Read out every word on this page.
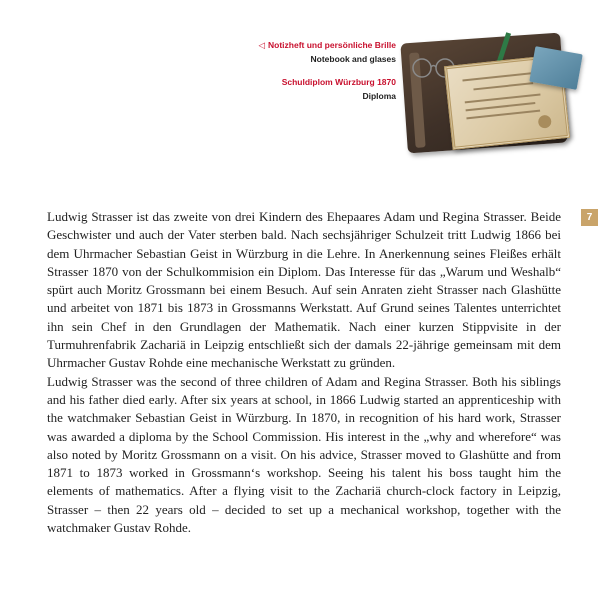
◁ Notizheft und persönliche Brille
Notebook and glases
Schuldiplom Würzburg 1870
Diploma
7

Ludwig Strasser ist das zweite von drei Kindern des Ehepaares Adam und Regina Strasser. Beide Geschwister und auch der Vater sterben bald. Nach sechsjähriger Schulzeit tritt Ludwig 1866 bei dem Uhrmacher Sebastian Geist in Würzburg in die Lehre. In Anerkennung seines Fleißes erhält Strasser 1870 von der Schulkommision ein Diplom. Das Interesse für das „Warum und Weshalb“ spürt auch Moritz Grossmann bei einem Besuch. Auf sein Anraten zieht Strasser nach Glashütte und arbeitet von 1871 bis 1873 in Grossmanns Werkstatt. Auf Grund seines Talentes unterrichtet ihn sein Chef in den Grundlagen der Mathematik. Nach einer kurzen Stippvisite in der Turmuhrenfabrik Zachariä in Leipzig entschließt sich der damals 22-jährige gemeinsam mit dem Uhrmacher Gustav Rohde eine mechanische Werkstatt zu gründen.

Ludwig Strasser was the second of three children of Adam and Regina Strasser. Both his siblings and his father died early. After six years at school, in 1866 Ludwig started an apprenticeship with the watchmaker Sebastian Geist in Würzburg. In 1870, in recognition of his hard work, Strasser was awarded a diploma by the School Commission. His interest in the „why and wherefore“ was also noted by Moritz Grossmann on a visit. On his advice, Strasser moved to Glashütte and from 1871 to 1873 worked in Grossmann‘s workshop. Seeing his talent his boss taught him the elements of mathematics. After a flying visit to the Zachariä church-clock factory in Leipzig, Strasser – then 22 years old – decided to set up a mechanical workshop, together with the watchmaker Gustav Rohde.
